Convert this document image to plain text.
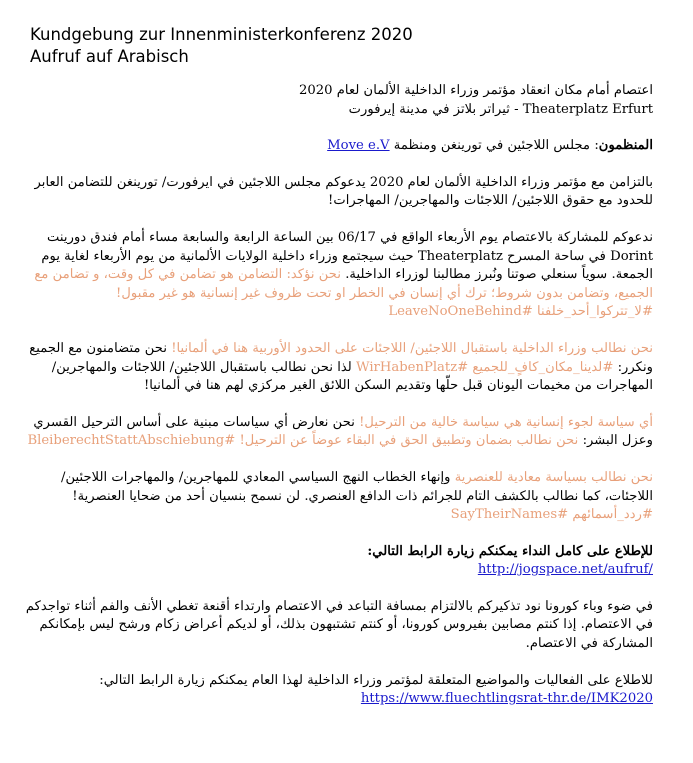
Kundgebung zur Innenministerkonferenz 2020
Aufruf auf Arabisch

اعتصام أمام مكان انعقاد مؤتمر وزراء الداخلية الألمان لعام 2020
Theaterplatz Erfurt - ثيراتر بلاتز في مدينة إيرفورت

المنظمون: مجلس اللاجئين في تورينغن ومنظمة Move e.V

بالتزامن مع مؤتمر وزراء الداخلية الألمان لعام 2020 يدعوكم مجلس اللاجئين في ايرفورت/ تورينغن للتضامن العابر للحدود مع حقوق اللاجئين/ اللاجئات والمهاجرين/ المهاجرات!

ندعوكم للمشاركة بالاعتصام يوم الأربعاء الواقع في 06/17 بين الساعة الرابعة والسابعة مساء أمام فندق دورينت Dorint في ساحة المسرح Theaterplatz حيث سيجتمع وزراء داخلية الولايات الألمانية من يوم الأربعاء لغاية يوم الجمعة. سوياً سنعلي صوتنا ونُبرز مطالبنا لوزراء الداخلية. نحن نؤكد: التضامن هو تضامن في كل وقت، و تضامن مع الجميع، وتضامن بدون شروط؛ ترك أي إنسان في الخطر او تحت ظروف غير إنسانية هو غير مقبول! #لا_تتركوا_أحد_خلفنا #LeaveNoOneBehind

نحن نطالب وزراء الداخلية باستقبال اللاجئين/ اللاجئات على الحدود الأوربية هنا في ألمانيا! نحن متضامنون مع الجميع ونكرر: #لدينا_مكان_كافٍ_للجميع #WirHabenPlatz لذا نحن نطالب باستقبال اللاجئين/ اللاجئات والمهاجرين/ المهاجرات من مخيمات اليونان قبل حلّها وتقديم السكن اللائق الغير مركزي لهم هنا في ألمانيا!

أي سياسة لجوء إنسانية هي سياسة خالية من الترحيل! نحن نعارض أي سياسات مبنية على أساس الترحيل القسري وعزل البشر: نحن نطالب بضمان وتطبيق الحق في البقاء عوضاً عن الترحيل! #BleiberechtStattAbschiebung

نحن نطالب بسياسة معادية للعنصرية وإنهاء الخطاب النهج السياسي المعادي للمهاجرين/ والمهاجرات اللاجئين/ اللاجئات، كما نطالب بالكشف التام للجرائم ذات الدافع العنصري. لن نسمح بنسيان أحد من ضحايا العنصرية! #ردد_أسمائهم #SayTheirNames

للإطلاع على كامل النداء يمكنكم زيارة الرابط التالي:
http://jogspace.net/aufruf/

في ضوء وباء كورونا نود تذكيركم بالالتزام بمسافة التباعد في الاعتصام وارتداء أقنعة تغطي الأنف والفم أثناء تواجدكم في الاعتصام. إذا كنتم مصابين بفيروس كورونا، أو كنتم تشتبهون بذلك، أو لديكم أعراض زكام ورشح ليس بإمكانكم المشاركة في الاعتصام.

للاطلاع على الفعاليات والمواضيع المتعلقة لمؤتمر وزراء الداخلية لهذا العام يمكنكم زيارة الرابط التالي:
https://www.fluechtlingsrat-thr.de/IMK2020
